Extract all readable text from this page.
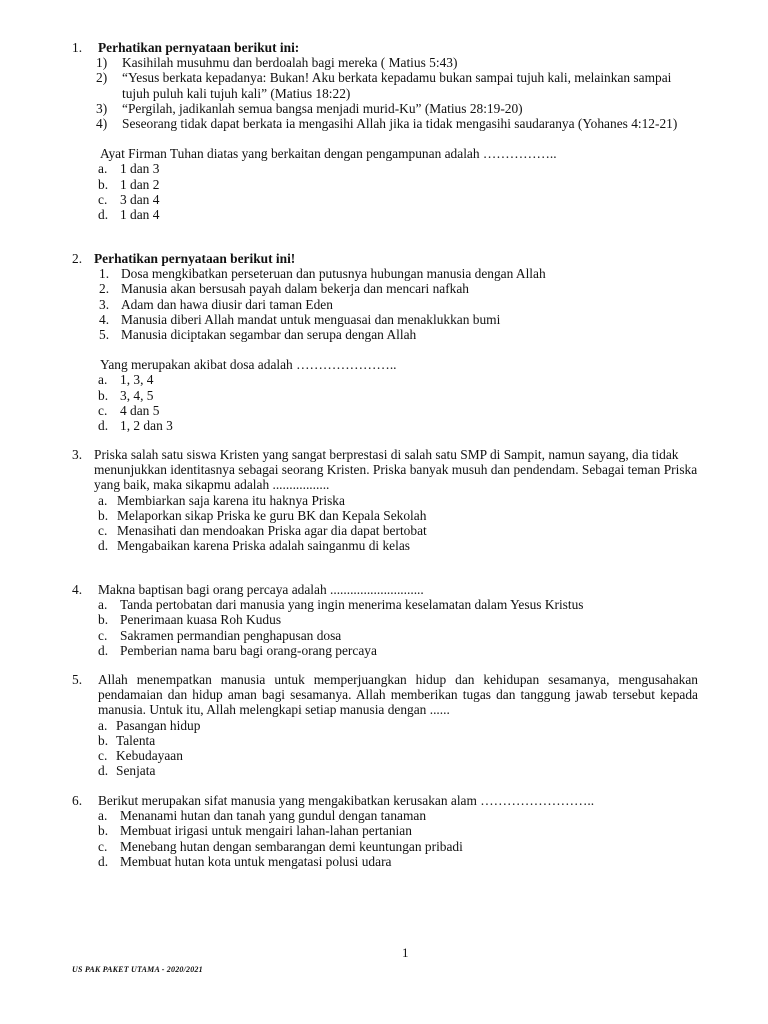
1.	Perhatikan pernyataan berikut ini:
1)	Kasihilah musuhmu dan berdoalah bagi mereka ( Matius 5:43)
2)	“Yesus berkata kepadanya: Bukan! Aku berkata kepadamu bukan sampai tujuh kali, melainkan sampai tujuh puluh kali tujuh kali” (Matius 18:22)
3)	“Pergilah, jadikanlah semua bangsa menjadi murid-Ku” (Matius 28:19-20)
4)	Seseorang tidak dapat berkata ia mengasihi Allah jika ia tidak mengasihi saudaranya (Yohanes 4:12-21)
Ayat Firman Tuhan diatas yang berkaitan dengan pengampunan adalah ……………..
a. 1 dan 3
b. 1 dan 2
c. 3 dan 4
d. 1 dan 4
2. Perhatikan pernyataan berikut ini!
1. Dosa mengkibatkan perseteruan dan putusnya hubungan manusia dengan Allah
2. Manusia akan bersusah payah dalam bekerja dan mencari nafkah
3. Adam dan hawa diusir dari taman Eden
4. Manusia diberi Allah mandat untuk menguasai dan menaklukkan bumi
5. Manusia diciptakan segambar dan serupa dengan Allah
Yang merupakan akibat dosa adalah …………………..
a. 1, 3, 4
b. 3, 4, 5
c. 4 dan 5
d. 1, 2 dan 3
3. Priska salah satu siswa Kristen yang sangat berprestasi di salah satu SMP di Sampit, namun sayang, dia tidak menunjukkan identitasnya sebagai seorang Kristen. Priska banyak musuh dan pendendam. Sebagai teman Priska yang baik, maka sikapmu adalah .................
a. Membiarkan saja karena itu haknya Priska
b. Melaporkan sikap Priska ke guru BK dan Kepala Sekolah
c. Menasihati dan mendoakan Priska agar dia dapat bertobat
d. Mengabaikan karena Priska adalah sainganmu di kelas
4.	Makna baptisan bagi orang percaya adalah ............................
a. Tanda pertobatan dari manusia yang ingin menerima keselamatan dalam Yesus Kristus
b. Penerimaan kuasa Roh Kudus
c. Sakramen permandian penghapusan dosa
d. Pemberian nama baru bagi orang-orang percaya
5.	Allah menempatkan manusia untuk memperjuangkan hidup dan kehidupan sesamanya, mengusahakan pendamaian dan hidup aman bagi sesamanya. Allah memberikan tugas dan tanggung jawab tersebut kepada manusia. Untuk itu, Allah melengkapi setiap manusia dengan ......
a. Pasangan hidup
b. Talenta
c. Kebudayaan
d. Senjata
6.	Berikut merupakan sifat manusia yang mengakibatkan kerusakan alam ……………………..
a. Menanami hutan dan tanah yang gundul dengan tanaman
b. Membuat irigasi untuk mengairi lahan-lahan pertanian
c. Menebang hutan dengan sembarangan demi keuntungan pribadi
d. Membuat hutan kota untuk mengatasi polusi udara
1
US PAK PAKET UTAMA - 2020/2021
